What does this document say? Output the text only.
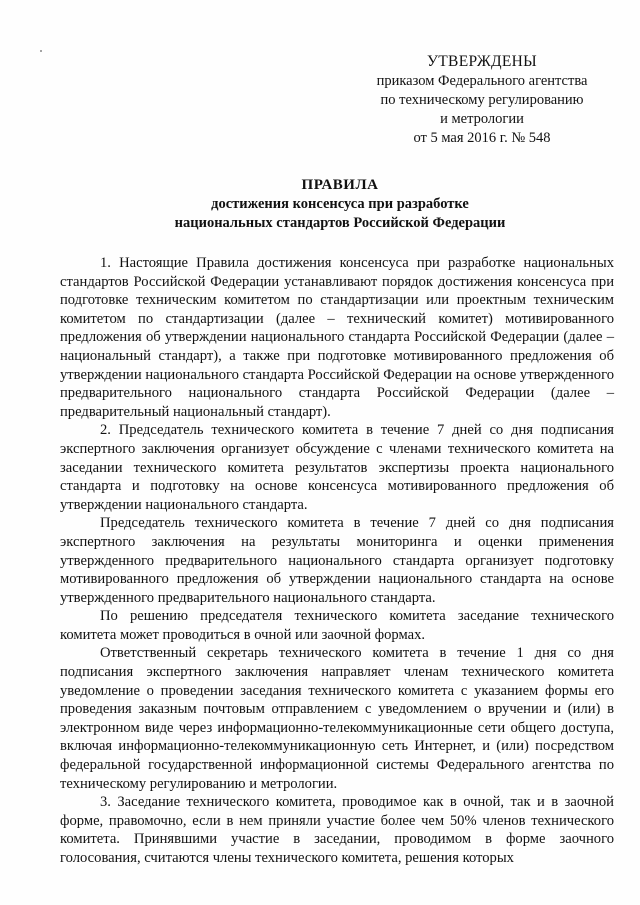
УТВЕРЖДЕНЫ
приказом Федерального агентства
по техническому регулированию
и метрологии
от 5 мая 2016 г. № 548
ПРАВИЛА
достижения консенсуса при разработке
национальных стандартов Российской Федерации

1. Настоящие Правила достижения консенсуса при разработке национальных стандартов Российской Федерации устанавливают порядок достижения консенсуса при подготовке техническим комитетом по стандартизации или проектным техническим комитетом по стандартизации (далее – технический комитет) мотивированного предложения об утверждении национального стандарта Российской Федерации (далее – национальный стандарт), а также при подготовке мотивированного предложения об утверждении национального стандарта Российской Федерации на основе утвержденного предварительного национального стандарта Российской Федерации (далее – предварительный национальный стандарт).

2. Председатель технического комитета в течение 7 дней со дня подписания экспертного заключения организует обсуждение с членами технического комитета на заседании технического комитета результатов экспертизы проекта национального стандарта и подготовку на основе консенсуса мотивированного предложения об утверждении национального стандарта.

Председатель технического комитета в течение 7 дней со дня подписания экспертного заключения на результаты мониторинга и оценки применения утвержденного предварительного национального стандарта организует подготовку мотивированного предложения об утверждении национального стандарта на основе утвержденного предварительного национального стандарта.

По решению председателя технического комитета заседание технического комитета может проводиться в очной или заочной формах.

Ответственный секретарь технического комитета в течение 1 дня со дня подписания экспертного заключения направляет членам технического комитета уведомление о проведении заседания технического комитета с указанием формы его проведения заказным почтовым отправлением с уведомлением о вручении и (или) в электронном виде через информационно-телекоммуникационные сети общего доступа, включая информационно-телекоммуникационную сеть Интернет, и (или) посредством федеральной государственной информационной системы Федерального агентства по техническому регулированию и метрологии.

3. Заседание технического комитета, проводимое как в очной, так и в заочной форме, правомочно, если в нем приняли участие более чем 50% членов технического комитета. Принявшими участие в заседании, проводимом в форме заочного голосования, считаются члены технического комитета, решения которых
